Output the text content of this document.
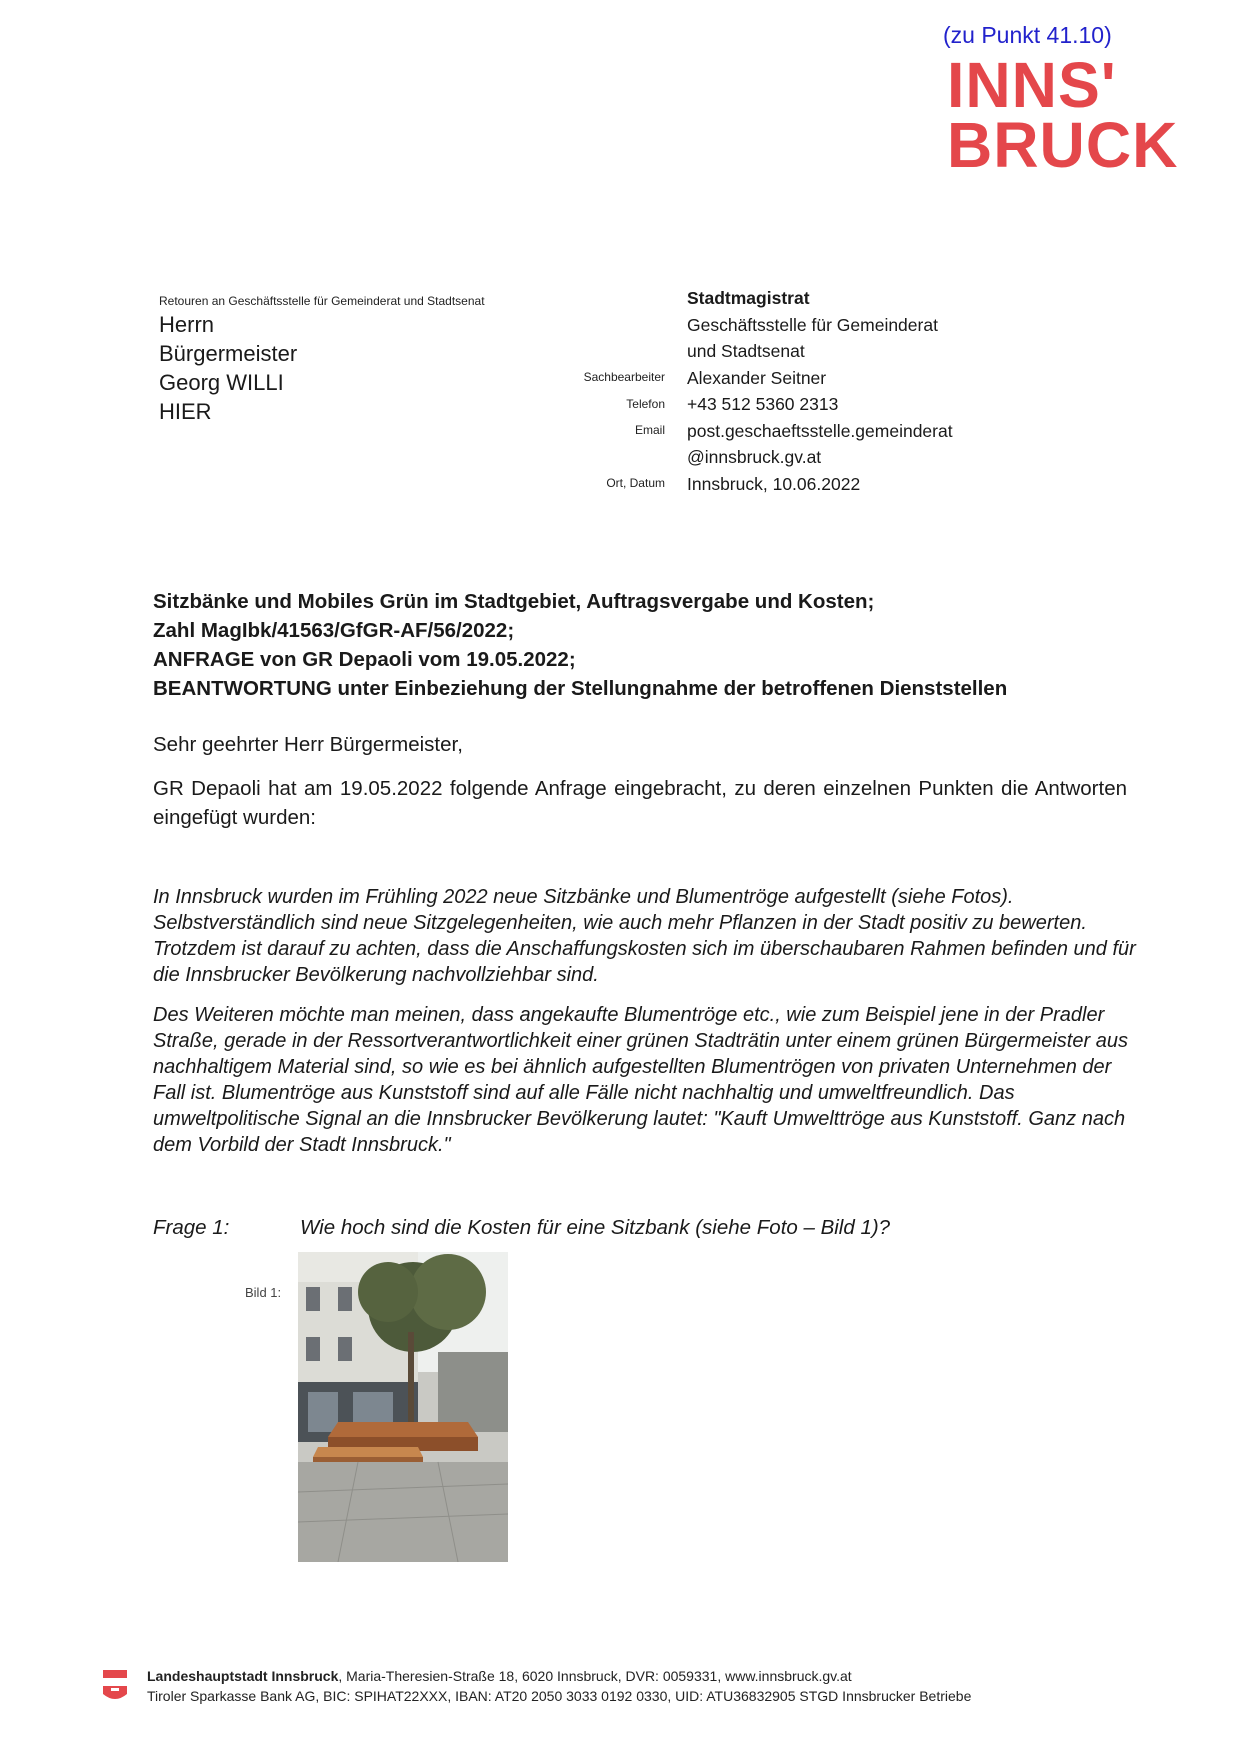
(zu Punkt 41.10)
INNS'
BRUCK
Retouren an Geschäftsstelle für Gemeinderat und Stadtsenat
Herrn
Bürgermeister
Georg WILLI
HIER
Sachbearbeiter
Telefon
Email
Ort, Datum
Stadtmagistrat
Geschäftsstelle für Gemeinderat
und Stadtsenat
Alexander Seitner
+43 512 5360 2313
post.geschaeftsstelle.gemeinderat
@innsbruck.gv.at
Innsbruck, 10.06.2022
Sitzbänke und Mobiles Grün im Stadtgebiet, Auftragsvergabe und Kosten;
Zahl MagIbk/41563/GfGR-AF/56/2022;
ANFRAGE von GR Depaoli vom 19.05.2022;
BEANTWORTUNG unter Einbeziehung der Stellungnahme der betroffenen Dienststellen
Sehr geehrter Herr Bürgermeister,
GR Depaoli hat am 19.05.2022 folgende Anfrage eingebracht, zu deren einzelnen Punkten die Antworten eingefügt wurden:
In Innsbruck wurden im Frühling 2022 neue Sitzbänke und Blumentröge aufgestellt (siehe Fotos). Selbstverständlich sind neue Sitzgelegenheiten, wie auch mehr Pflanzen in der Stadt positiv zu bewerten. Trotzdem ist darauf zu achten, dass die Anschaffungskosten sich im überschaubaren Rahmen befinden und für die Innsbrucker Bevölkerung nachvollziehbar sind.
Des Weiteren möchte man meinen, dass angekaufte Blumentröge etc., wie zum Beispiel jene in der Pradler Straße, gerade in der Ressortverantwortlichkeit einer grünen Stadträtin unter einem grünen Bürgermeister aus nachhaltigem Material sind, so wie es bei ähnlich aufgestellten Blumentrögen von privaten Unternehmen der Fall ist. Blumentröge aus Kunststoff sind auf alle Fälle nicht nachhaltig und umweltfreundlich. Das umweltpolitische Signal an die Innsbrucker Bevölkerung lautet: "Kauft Umwelttröge aus Kunststoff. Ganz nach dem Vorbild der Stadt Innsbruck."
Frage 1:	Wie hoch sind die Kosten für eine Sitzbank (siehe Foto – Bild 1)?
Bild 1:
Landeshauptstadt Innsbruck, Maria-Theresien-Straße 18, 6020 Innsbruck, DVR: 0059331, www.innsbruck.gv.at
Tiroler Sparkasse Bank AG, BIC: SPIHAT22XXX, IBAN: AT20 2050 3033 0192 0330, UID: ATU36832905 STGD Innsbrucker Betriebe
